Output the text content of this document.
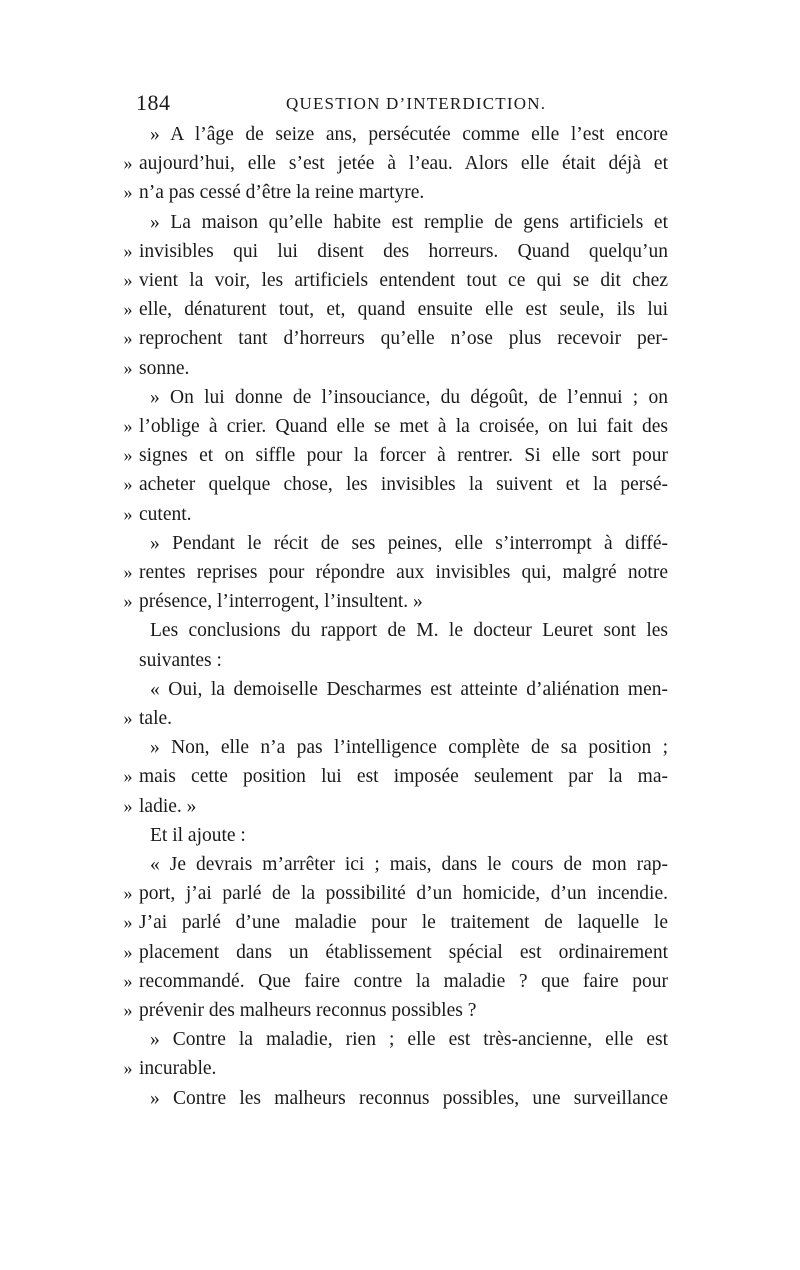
184	QUESTION D’INTERDICTION.
» A l’âge de seize ans, persécutée comme elle l’est encore
» aujourd’hui, elle s’est jetée à l’eau. Alors elle était déjà et
» n’a pas cessé d’être la reine martyre.
» La maison qu’elle habite est remplie de gens artificiels et
» invisibles qui lui disent des horreurs. Quand quelqu’un
» vient la voir, les artificiels entendent tout ce qui se dit chez
» elle, dénaturent tout, et, quand ensuite elle est seule, ils lui
» reprochent tant d’horreurs qu’elle n’ose plus recevoir per-
» sonne.
» On lui donne de l’insouciance, du dégoût, de l’ennui ; on
» l’oblige à crier. Quand elle se met à la croisée, on lui fait des
» signes et on siffle pour la forcer à rentrer. Si elle sort pour
» acheter quelque chose, les invisibles la suivent et la persé-
» cutent.
» Pendant le récit de ses peines, elle s’interrompt à diffé-
» rentes reprises pour répondre aux invisibles qui, malgré notre
» présence, l’interrogent, l’insultent. »
Les conclusions du rapport de M. le docteur Leuret sont les
suivantes :
« Oui, la demoiselle Descharmes est atteinte d’aliénation men-
» tale.
» Non, elle n’a pas l’intelligence complète de sa position ;
» mais cette position lui est imposée seulement par la ma-
» ladie. »
Et il ajoute :
« Je devrais m’arrêter ici ; mais, dans le cours de mon rap-
» port, j’ai parlé de la possibilité d’un homicide, d’un incendie.
» J’ai parlé d’une maladie pour le traitement de laquelle le
» placement dans un établissement spécial est ordinairement
» recommandé. Que faire contre la maladie ? que faire pour
» prévenir des malheurs reconnus possibles ?
» Contre la maladie, rien ; elle est très-ancienne, elle est
» incurable.
» Contre les malheurs reconnus possibles, une surveillance
